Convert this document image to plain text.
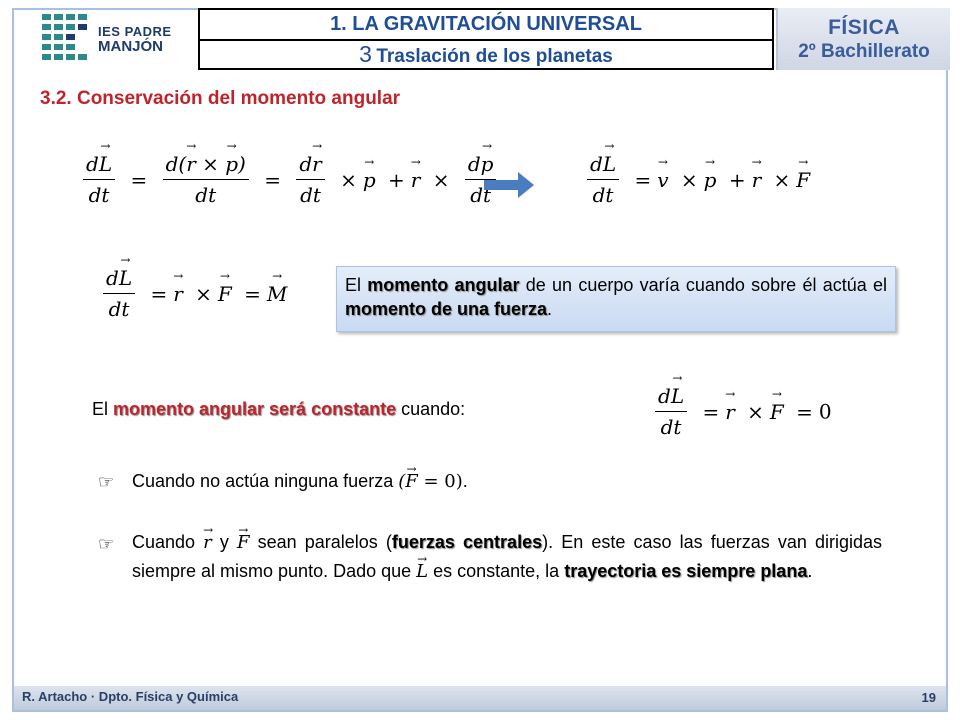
IES PADRE
MANJÓN
1. LA GRAVITACIÓN UNIVERSAL
3 Traslación de los planetas
FÍSICA
2º Bachillerato
3.2. Conservación del momento angular
$\frac{d\to L}{dt} = \frac{d(\to r \times \to p)}{dt} = \frac{d\to r}{dt} \times\to p +\to r \times \frac{d\to p}{dt}$	$\frac{d\to L}{dt} =\to v \times\to p +\to r \times\to F$
$\frac{d\to L}{dt} =\to r \times\to F =\to M$	El momento angular de un cuerpo varía cuando sobre él actúa el momento de una fuerza.
El momento angular será constante cuando:	$\frac{d\to L}{dt} =\to r \times\to F = 0$
☞ Cuando no actúa ninguna fuerza (→ F = 0).
☞ Cuando → r y → F sean paralelos (fuerzas centrales). En este caso las fuerzas van dirigidas siempre al mismo punto. Dado que → L es constante, la trayectoria es siempre plana.
R. Artacho · Dpto. Física y Química	19
